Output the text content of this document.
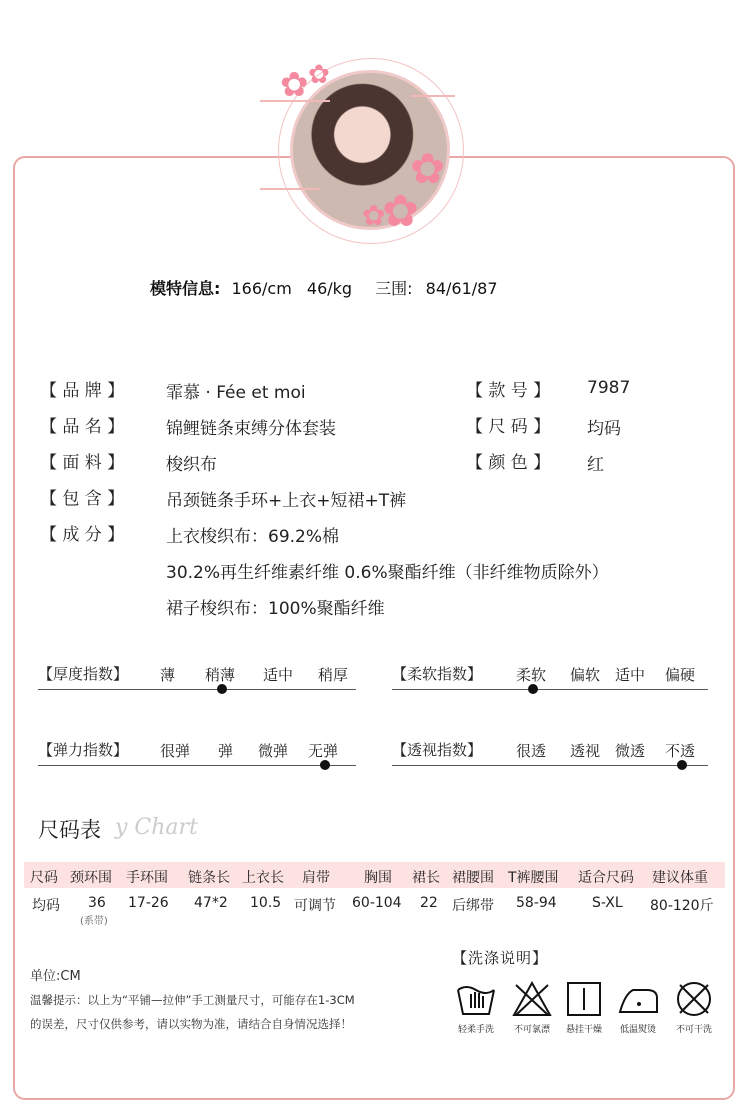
✿ ✿
✿
✿
✿
模特信息: 166/cm 46/kg 三围: 84/61/87
【 品 牌 】 霏慕 · Fée et moi	【 款 号 】 7987
【 品 名 】 锦鲤链条束缚分体套装	【 尺 码 】 均码
【 面 料 】 梭织布	【 颜 色 】 红
【 包 含 】 吊颈链条手环+上衣+短裙+T裤
【 成 分 】 上衣梭织布：69.2%棉
30.2%再生纤维素纤维 0.6%聚酯纤维（非纤维物质除外）
裙子梭织布：100%聚酯纤维
【厚度指数】 薄 稍薄 适中 稍厚	【柔软指数】 柔软 偏软 适中 偏硬
【弹力指数】 很弹 弹 微弹 无弹	【透视指数】 很透 透视 微透 不透
尺码表 y Chart
尺码 颈环围 手环围 链条长 上衣长 肩带 胸围 裙长 裙腰围 T裤腰围 适合尺码 建议体重
均码 36 17-26 47*2 10.5 可调节 60-104 22 后绑带 58-94	S-XL 80-120斤
(系带)
单位:CM
温馨提示：以上为“平铺—拉伸”手工测量尺寸，可能存在1-3CM
的误差，尺寸仅供参考，请以实物为准，请结合自身情况选择！
【洗涤说明】
轻柔手洗	不可氯漂	悬挂干燥	低温熨烫	不可干洗
